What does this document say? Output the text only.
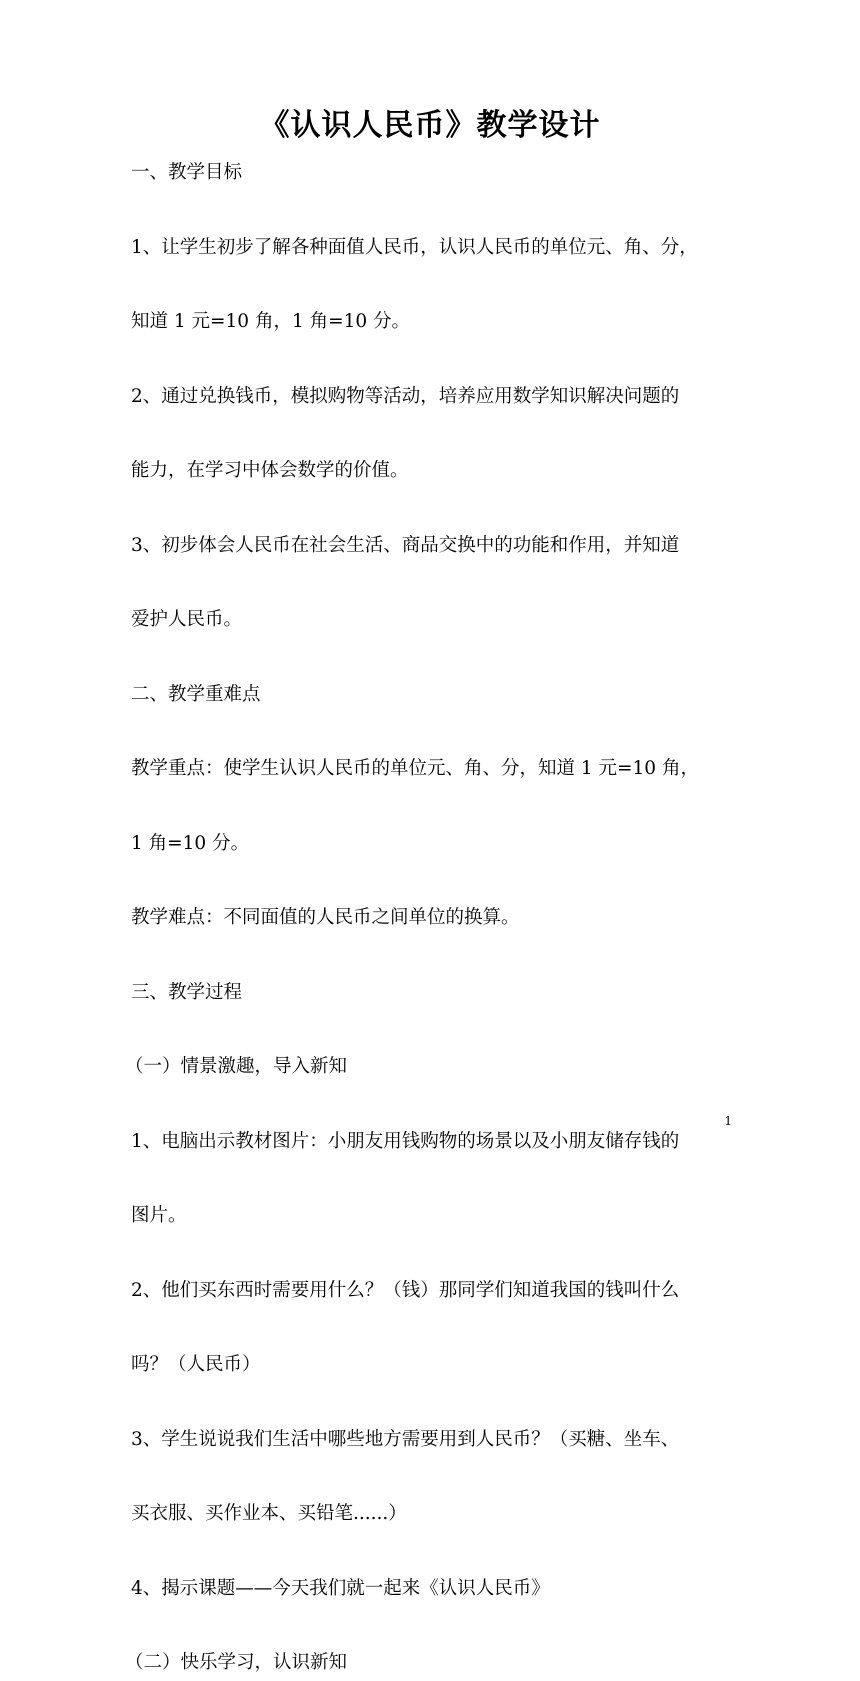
《认识人民币》教学设计
一、教学目标
1、让学生初步了解各种面值人民币，认识人民币的单位元、角、分，
知道 1 元=10 角，1 角=10 分。
2、通过兑换钱币，模拟购物等活动，培养应用数学知识解决问题的
能力，在学习中体会数学的价值。
3、初步体会人民币在社会生活、商品交换中的功能和作用，并知道
爱护人民币。
二、教学重难点
教学重点：使学生认识人民币的单位元、角、分，知道 1 元=10 角，
1 角=10 分。
教学难点：不同面值的人民币之间单位的换算。
三、教学过程
（一）情景激趣，导入新知
1、电脑出示教材图片：小朋友用钱购物的场景以及小朋友储存钱的
图片。
2、他们买东西时需要用什么？（钱）那同学们知道我国的钱叫什么
吗？（人民币）
3、学生说说我们生活中哪些地方需要用到人民币？（买糖、坐车、
买衣服、买作业本、买铅笔......）
4、揭示课题——今天我们就一起来《认识人民币》
（二）快乐学习，认识新知
1
